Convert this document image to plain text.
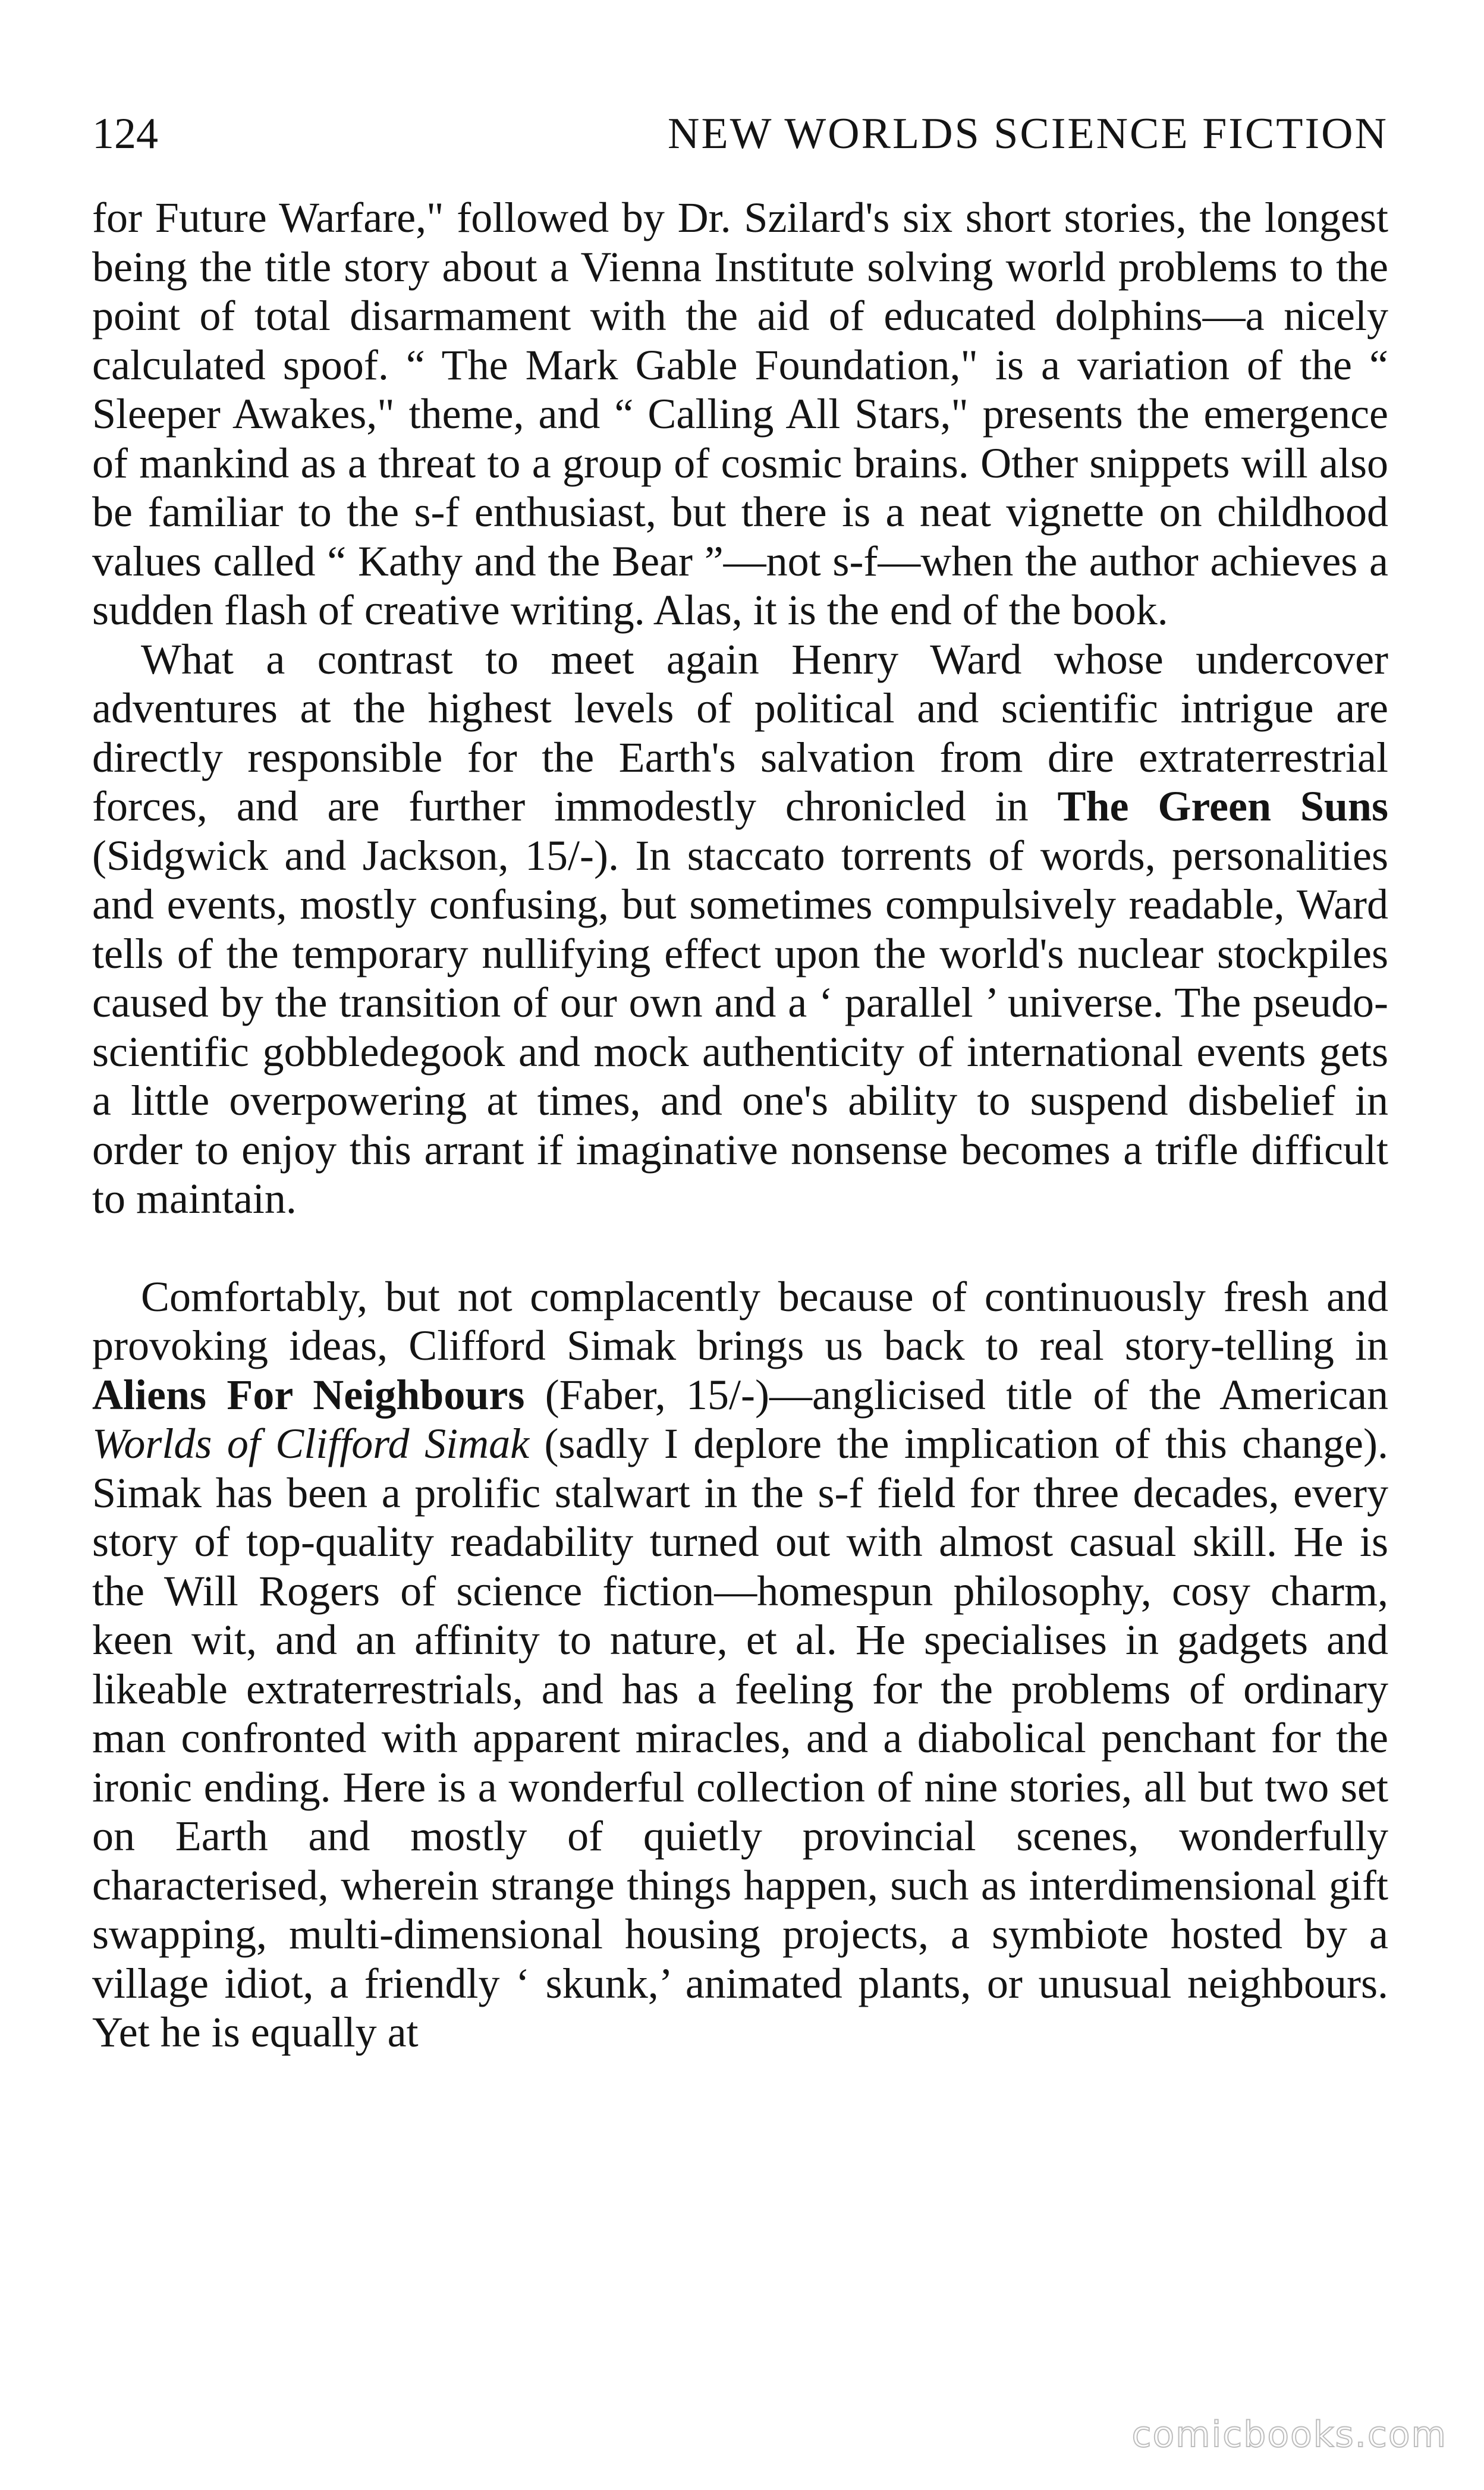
124	NEW WORLDS SCIENCE FICTION

for Future Warfare," followed by Dr. Szilard's six short stories, the longest being the title story about a Vienna Institute solving world problems to the point of total disarmament with the aid of educated dolphins—a nicely calculated spoof. “ The Mark Gable Foundation," is a variation of the “ Sleeper Awakes," theme, and “ Calling All Stars," presents the emergence of mankind as a threat to a group of cosmic brains. Other snippets will also be familiar to the s-f enthusiast, but there is a neat vignette on childhood values called “ Kathy and the Bear ”—not s-f—when the author achieves a sudden flash of creative writing. Alas, it is the end of the book.

What a contrast to meet again Henry Ward whose undercover adventures at the highest levels of political and scientific intrigue are directly responsible for the Earth's salvation from dire extraterrestrial forces, and are further immodestly chronicled in The Green Suns (Sidgwick and Jackson, 15/-). In staccato torrents of words, personalities and events, mostly confusing, but sometimes compulsively readable, Ward tells of the temporary nullifying effect upon the world's nuclear stockpiles caused by the transition of our own and a ‘ parallel ’ universe. The pseudo-scientific gobbledegook and mock authenticity of international events gets a little overpowering at times, and one's ability to suspend disbelief in order to enjoy this arrant if imaginative nonsense becomes a trifle difficult to maintain.

Comfortably, but not complacently because of continuously fresh and provoking ideas, Clifford Simak brings us back to real story-telling in Aliens For Neighbours (Faber, 15/-)—anglicised title of the American Worlds of Clifford Simak (sadly I deplore the implication of this change). Simak has been a prolific stalwart in the s-f field for three decades, every story of top-quality readability turned out with almost casual skill. He is the Will Rogers of science fiction—homespun philosophy, cosy charm, keen wit, and an affinity to nature, et al. He specialises in gadgets and likeable extraterrestrials, and has a feeling for the problems of ordinary man confronted with apparent miracles, and a diabolical penchant for the ironic ending. Here is a wonderful collection of nine stories, all but two set on Earth and mostly of quietly provincial scenes, wonderfully characterised, wherein strange things happen, such as interdimensional gift swapping, multi-dimensional housing projects, a symbiote hosted by a village idiot, a friendly ‘ skunk,’ animated plants, or unusual neighbours. Yet he is equally at

comicbooks.com
